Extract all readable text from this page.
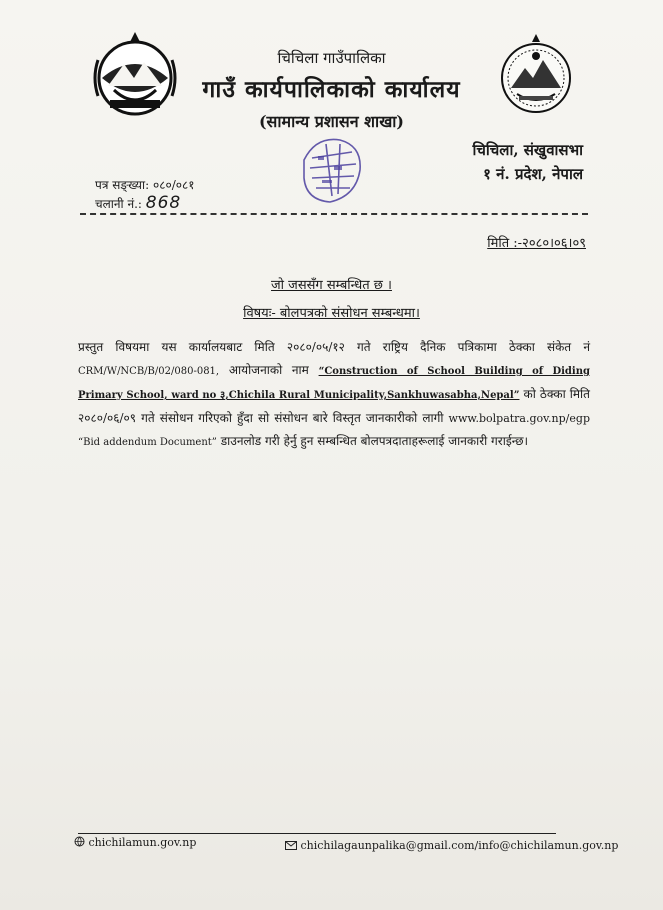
चिचिला गाउँपालिका
गाउँ कार्यपालिकाको कार्यालय
(सामान्य प्रशासन शाखा)
चिचिला, संखुवासभा
१ नं. प्रदेश, नेपाल
पत्र सङ्ख्या: ०८०/०८१
चलानी नं.: 868
मिति :-२०८०।०६।०९
जो जससँग सम्बन्धित छ ।
विषयः- बोलपत्रको संसोधन सम्बन्धमा।
प्रस्तुत विषयमा यस कार्यालयबाट मिति २०८०/०५/१२ गते राष्ट्रिय दैनिक पत्रिकामा ठेक्का संकेत नं CRM/W/NCB/B/02/080-081, आयोजनाको नाम “Construction of School Building of Diding Primary School, ward no ३,Chichila Rural Municipality,Sankhuwasabha,Nepal” को ठेक्का मिति २०८०/०६/०९ गते संसोधन गरिएको हुँदा सो संसोधन बारे विस्तृत जानकारीको लागी www.bolpatra.gov.np/egp “Bid addendum Document” डाउनलोड गरी हेर्नु हुन सम्बन्धित बोलपत्रदाताहरूलाई जानकारी गराईन्छ।
chichilamun.gov.np	chichilagaunpalika@gmail.com/info@chichilamun.gov.np
